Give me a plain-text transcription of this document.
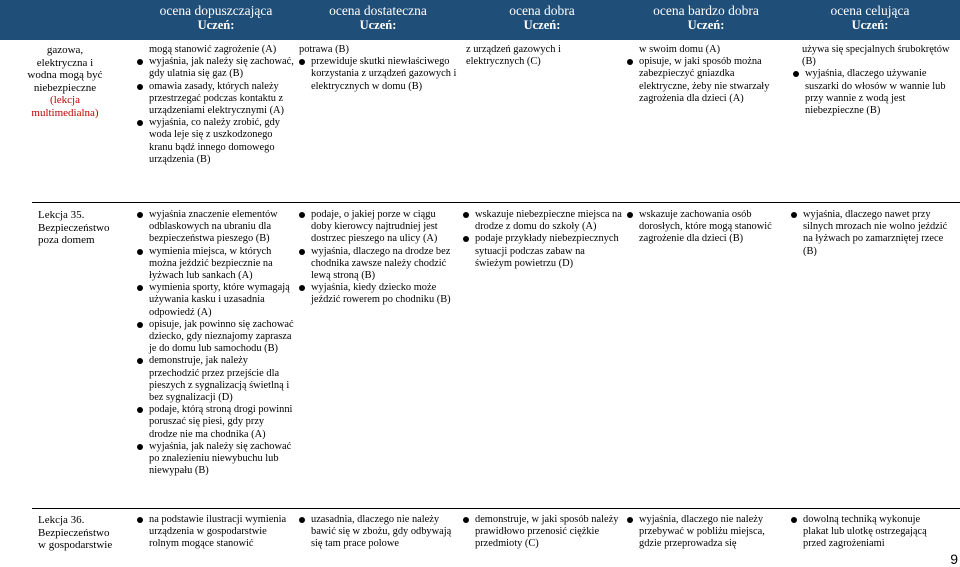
ocena dopuszczająca
Uczeń:
ocena dostateczna
Uczeń:
ocena dobra
Uczeń:
ocena bardzo dobra
Uczeń:
ocena celująca
Uczeń:
gazowa,
elektryczna i
wodna mogą być
niebezpieczne
(lekcja
multimedialna)
mogą stanowić zagrożenie (A)
wyjaśnia, jak należy się zachować, gdy ulatnia się gaz (B)
omawia zasady, których należy przestrzegać podczas kontaktu z urządzeniami elektrycznymi (A)
wyjaśnia, co należy zrobić, gdy woda leje się z uszkodzonego kranu bądź innego domowego urządzenia (B)
potrawa (B)
przewiduje skutki niewłaściwego korzystania z urządzeń gazowych i elektrycznych w domu (B)
z urządzeń gazowych i elektrycznych (C)
w swoim domu (A)
opisuje, w jaki sposób można zabezpieczyć gniazdka elektryczne, żeby nie stwarzały zagrożenia dla dzieci (A)
używa się specjalnych śrubokrętów (B)
wyjaśnia, dlaczego używanie suszarki do włosów w wannie lub przy wannie z wodą jest niebezpieczne (B)
Lekcja 35.
Bezpieczeństwo
poza domem
wyjaśnia znaczenie elementów odblaskowych na ubraniu dla bezpieczeństwa pieszego (B)
wymienia miejsca, w których można jeździć bezpiecznie na łyżwach lub sankach (A)
wymienia sporty, które wymagają używania kasku i uzasadnia odpowiedź (A)
opisuje, jak powinno się zachować dziecko, gdy nieznajomy zaprasza je do domu lub samochodu (B)
demonstruje, jak należy przechodzić przez przejście dla pieszych z sygnalizacją świetlną i bez sygnalizacji (D)
podaje, którą stroną drogi powinni poruszać się piesi, gdy przy drodze nie ma chodnika (A)
wyjaśnia, jak należy się zachować po znalezieniu niewybuchu lub niewypału (B)
podaje, o jakiej porze w ciągu doby kierowcy najtrudniej jest dostrzec pieszego na ulicy (A)
wyjaśnia, dlaczego na drodze bez chodnika zawsze należy chodzić lewą stroną (B)
wyjaśnia, kiedy dziecko może jeździć rowerem po chodniku (B)
wskazuje niebezpieczne miejsca na drodze z domu do szkoły (A)
podaje przykłady niebezpiecznych sytuacji podczas zabaw na świeżym powietrzu (D)
wskazuje zachowania osób dorosłych, które mogą stanowić zagrożenie dla dzieci (B)
wyjaśnia, dlaczego nawet przy silnych mrozach nie wolno jeździć na łyżwach po zamarzniętej rzece (B)
Lekcja 36.
Bezpieczeństwo
w gospodarstwie
na podstawie ilustracji wymienia urządzenia w gospodarstwie rolnym mogące stanowić
uzasadnia, dlaczego nie należy bawić się w zbożu, gdy odbywają się tam prace polowe
demonstruje, w jaki sposób należy prawidłowo przenosić ciężkie przedmioty (C)
wyjaśnia, dlaczego nie należy przebywać w pobliżu miejsca, gdzie przeprowadza się
dowolną techniką wykonuje plakat lub ulotkę ostrzegającą przed zagrożeniami
9
